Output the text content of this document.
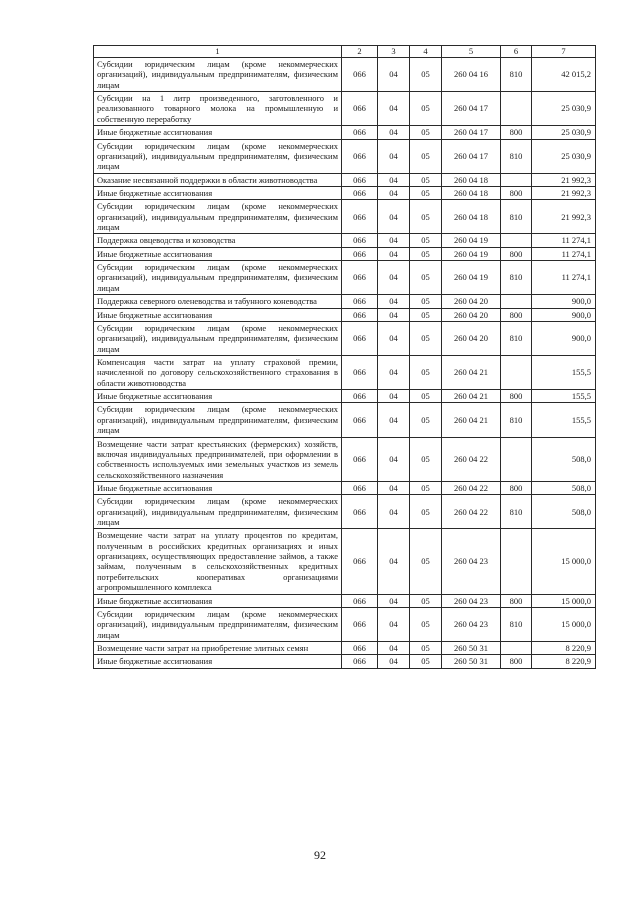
1	2	3	4	5	6	7
Субсидии юридическим лицам (кроме некоммерческих организаций), индивидуальным предпринимателям, физическим лицам	066	04	05	260 04 16	810	42 015,2
Субсидии на 1 литр произведенного, заготовленного и реализованного товарного молока на промышленную и собственную переработку	066	04	05	260 04 17		25 030,9
Иные бюджетные ассигнования	066	04	05	260 04 17	800	25 030,9
Субсидии юридическим лицам (кроме некоммерческих организаций), индивидуальным предпринимателям, физическим лицам	066	04	05	260 04 17	810	25 030,9
Оказание несвязанной поддержки в области животноводства	066	04	05	260 04 18		21 992,3
Иные бюджетные ассигнования	066	04	05	260 04 18	800	21 992,3
Субсидии юридическим лицам (кроме некоммерческих организаций), индивидуальным предпринимателям, физическим лицам	066	04	05	260 04 18	810	21 992,3
Поддержка овцеводства и козоводства	066	04	05	260 04 19		11 274,1
Иные бюджетные ассигнования	066	04	05	260 04 19	800	11 274,1
Субсидии юридическим лицам (кроме некоммерческих организаций), индивидуальным предпринимателям, физическим лицам	066	04	05	260 04 19	810	11 274,1
Поддержка северного оленеводства и табунного коневодства	066	04	05	260 04 20		900,0
Иные бюджетные ассигнования	066	04	05	260 04 20	800	900,0
Субсидии юридическим лицам (кроме некоммерческих организаций), индивидуальным предпринимателям, физическим лицам	066	04	05	260 04 20	810	900,0
Компенсация части затрат на уплату страховой премии, начисленной по договору сельскохозяйственного страхования в области животноводства	066	04	05	260 04 21		155,5
Иные бюджетные ассигнования	066	04	05	260 04 21	800	155,5
Субсидии юридическим лицам (кроме некоммерческих организаций), индивидуальным предпринимателям, физическим лицам	066	04	05	260 04 21	810	155,5
Возмещение части затрат крестьянских (фермерских) хозяйств, включая индивидуальных предпринимателей, при оформлении в собственность используемых ими земельных участков из земель сельскохозяйственного назначения	066	04	05	260 04 22		508,0
Иные бюджетные ассигнования	066	04	05	260 04 22	800	508,0
Субсидии юридическим лицам (кроме некоммерческих организаций), индивидуальным предпринимателям, физическим лицам	066	04	05	260 04 22	810	508,0
Возмещение части затрат на уплату процентов по кредитам, полученным в российских кредитных организациях и иных организациях, осуществляющих предоставление займов, а также займам, полученным в сельскохозяйственных кредитных потребительских кооперативах организациями агропромышленного комплекса	066	04	05	260 04 23		15 000,0
Иные бюджетные ассигнования	066	04	05	260 04 23	800	15 000,0
Субсидии юридическим лицам (кроме некоммерческих организаций), индивидуальным предпринимателям, физическим лицам	066	04	05	260 04 23	810	15 000,0
Возмещение части затрат на приобретение элитных семян	066	04	05	260 50 31		8 220,9
Иные бюджетные ассигнования	066	04	05	260 50 31	800	8 220,9
92
